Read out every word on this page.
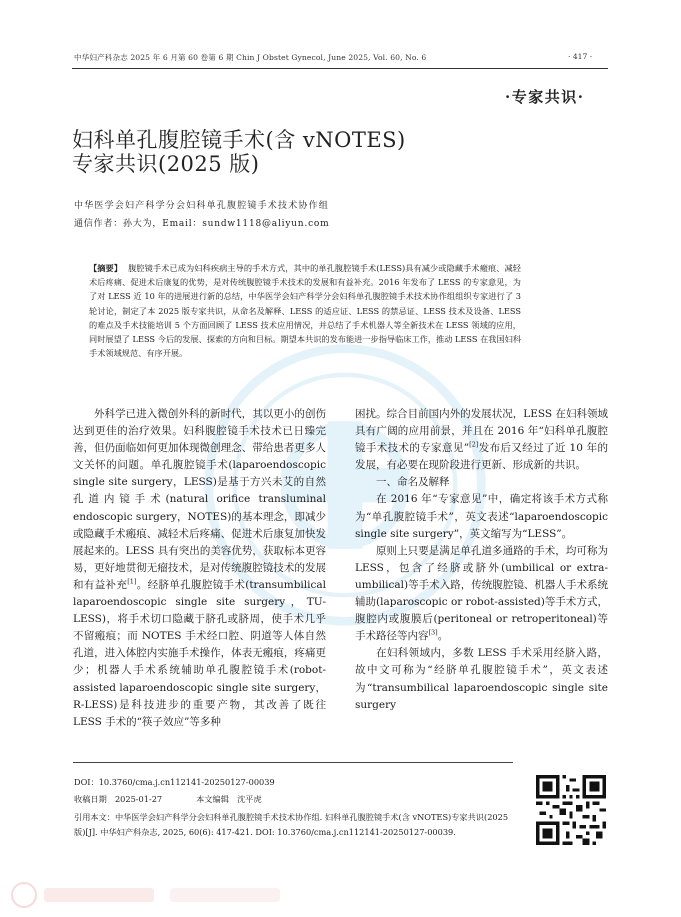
中华妇产科杂志 2025 年 6 月第 60 卷第 6 期 Chin J Obstet Gynecol, June 2025, Vol. 60, No. 6	· 417 ·
·专家共识·
妇科单孔腹腔镜手术(含 vNOTES)
专家共识(2025 版)
中华医学会妇产科学分会妇科单孔腹腔镜手术技术协作组
通信作者：孙大为，Email：sundw1118@aliyun.com
【摘要】 腹腔镜手术已成为妇科疾病主导的手术方式，其中的单孔腹腔镜手术(LESS)具有减少或隐藏手术瘢痕、减轻术后疼痛、促进术后康复的优势，是对传统腹腔镜手术技术的发展和有益补充。2016 年发布了 LESS 的专家意见，为了对 LESS 近 10 年的进展进行新的总结，中华医学会妇产科学分会妇科单孔腹腔镜手术技术协作组组织专家进行了 3 轮讨论，制定了本 2025 版专家共识，从命名及解释、LESS 的适应证、LESS 的禁忌证、LESS 技术及设备、LESS 的难点及手术技能培训 5 个方面回顾了 LESS 技术应用情况，并总结了手术机器人等全新技术在 LESS 领域的应用，同时展望了 LESS 今后的发展、探索的方向和目标。期望本共识的发布能进一步指导临床工作，推动 LESS 在我国妇科手术领域规范、有序开展。

外科学已进入微创外科的新时代，其以更小的创伤达到更佳的治疗效果。妇科腹腔镜手术技术已日臻完善，但仍面临如何更加体现微创理念、带给患者更多人文关怀的问题。单孔腹腔镜手术(laparoendoscopic single site surgery，LESS)是基于方兴未艾的自然孔道内镜手术(natural orifice transluminal endoscopic surgery，NOTES)的基本理念，即减少或隐藏手术瘢痕、减轻术后疼痛、促进术后康复加快发展起来的。LESS 具有突出的美容优势，获取标本更容易，更好地贯彻无瘤技术，是对传统腹腔镜技术的发展和有益补充[1]。经脐单孔腹腔镜手术(transumbilical laparoendoscopic single site surgery，TU-LESS)，将手术切口隐藏于脐孔或脐周，使手术几乎不留瘢痕；而 NOTES 手术经口腔、阴道等人体自然孔道，进入体腔内实施手术操作，体表无瘢痕，疼痛更少；机器人手术系统辅助单孔腹腔镜手术(robot-assisted laparoendoscopic single site surgery，R-LESS)是科技进步的重要产物，其改善了既往 LESS 手术的“筷子效应”等多种

困扰。综合目前国内外的发展状况，LESS 在妇科领域具有广阔的应用前景，并且在 2016 年“妇科单孔腹腔镜手术技术的专家意见”[2]发布后又经过了近 10 年的发展，有必要在现阶段进行更新、形成新的共识。

一、命名及解释

在 2016 年“专家意见”中，确定将该手术方式称为“单孔腹腔镜手术”，英文表述“laparoendoscopic single site surgery”，英文缩写为“LESS”。

原则上只要是满足单孔道多通路的手术，均可称为 LESS，包含了经脐或脐外(umbilical or extra-umbilical)等手术入路，传统腹腔镜、机器人手术系统辅助(laparoscopic or robot-assisted)等手术方式，腹腔内或腹膜后(peritoneal or retroperitoneal)等手术路径等内容[3]。

在妇科领域内，多数 LESS 手术采用经脐入路，故中文可称为“经脐单孔腹腔镜手术”，英文表述为“transumbilical laparoendoscopic single site surgery

DOI：10.3760/cma.j.cn112141-20250127-00039
收稿日期　2025-01-27	本文编辑　沈平虎
引用本文：中华医学会妇产科学分会妇科单孔腹腔镜手术技术协作组. 妇科单孔腹腔镜手术(含 vNOTES)专家共识(2025 版)[J]. 中华妇产科杂志, 2025, 60(6): 417-421. DOI: 10.3760/cma.j.cn112141-20250127-00039.
